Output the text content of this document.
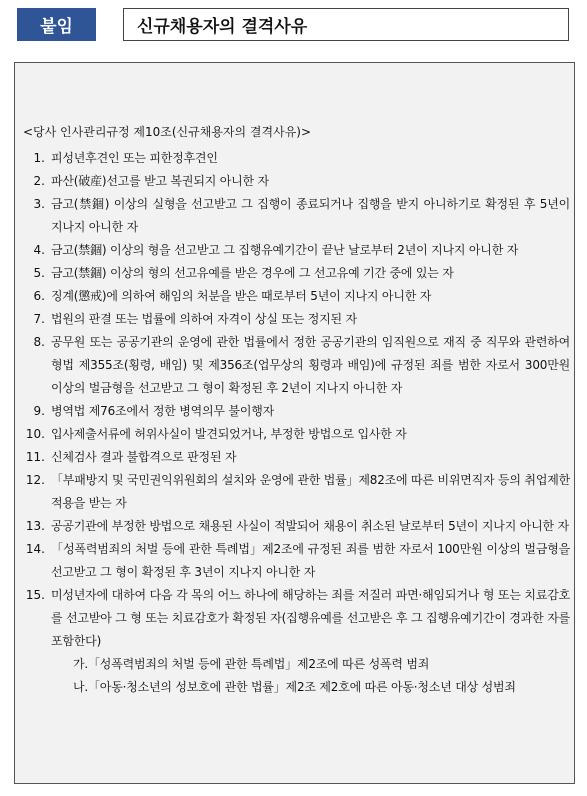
붙임	신규채용자의 결격사유
<당사 인사관리규정 제10조(신규채용자의 결격사유)>
1. 피성년후견인 또는 피한정후견인
2. 파산(破産)선고를 받고 복권되지 아니한 자
3. 금고(禁錮) 이상의 실형을 선고받고 그 집행이 종료되거나 집행을 받지 아니하기로 확정된 후 5년이 지나지 아니한 자
4. 금고(禁錮) 이상의 형을 선고받고 그 집행유예기간이 끝난 날로부터 2년이 지나지 아니한 자
5. 금고(禁錮) 이상의 형의 선고유예를 받은 경우에 그 선고유예 기간 중에 있는 자
6. 징계(懲戒)에 의하여 해임의 처분을 받은 때로부터 5년이 지나지 아니한 자
7. 법원의 판결 또는 법률에 의하여 자격이 상실 또는 정지된 자
8. 공무원 또는 공공기관의 운영에 관한 법률에서 정한 공공기관의 임직원으로 재직 중 직무와 관련하여 형법 제355조(횡령, 배임) 및 제356조(업무상의 횡령과 배임)에 규정된 죄를 범한 자로서 300만원 이상의 벌금형을 선고받고 그 형이 확정된 후 2년이 지나지 아니한 자
9. 병역법 제76조에서 정한 병역의무 불이행자
10. 입사제출서류에 허위사실이 발견되었거나, 부정한 방법으로 입사한 자
11. 신체검사 결과 불합격으로 판정된 자
12. 「부패방지 및 국민권익위원회의 설치와 운영에 관한 법률」제82조에 따른 비위면직자 등의 취업제한 적용을 받는 자
13. 공공기관에 부정한 방법으로 채용된 사실이 적발되어 채용이 취소된 날로부터 5년이 지나지 아니한 자
14. 「성폭력범죄의 처벌 등에 관한 특례법」제2조에 규정된 죄를 범한 자로서 100만원 이상의 벌금형을 선고받고 그 형이 확정된 후 3년이 지나지 아니한 자
15. 미성년자에 대하여 다음 각 목의 어느 하나에 해당하는 죄를 저질러 파면·해임되거나 형 또는 치료감호를 선고받아 그 형 또는 치료감호가 확정된 자(집행유예를 선고받은 후 그 집행유예기간이 경과한 자를 포함한다)
가.「성폭력범죄의 처벌 등에 관한 특례법」제2조에 따른 성폭력 범죄
나.「아동·청소년의 성보호에 관한 법률」제2조 제2호에 따른 아동·청소년 대상 성범죄
